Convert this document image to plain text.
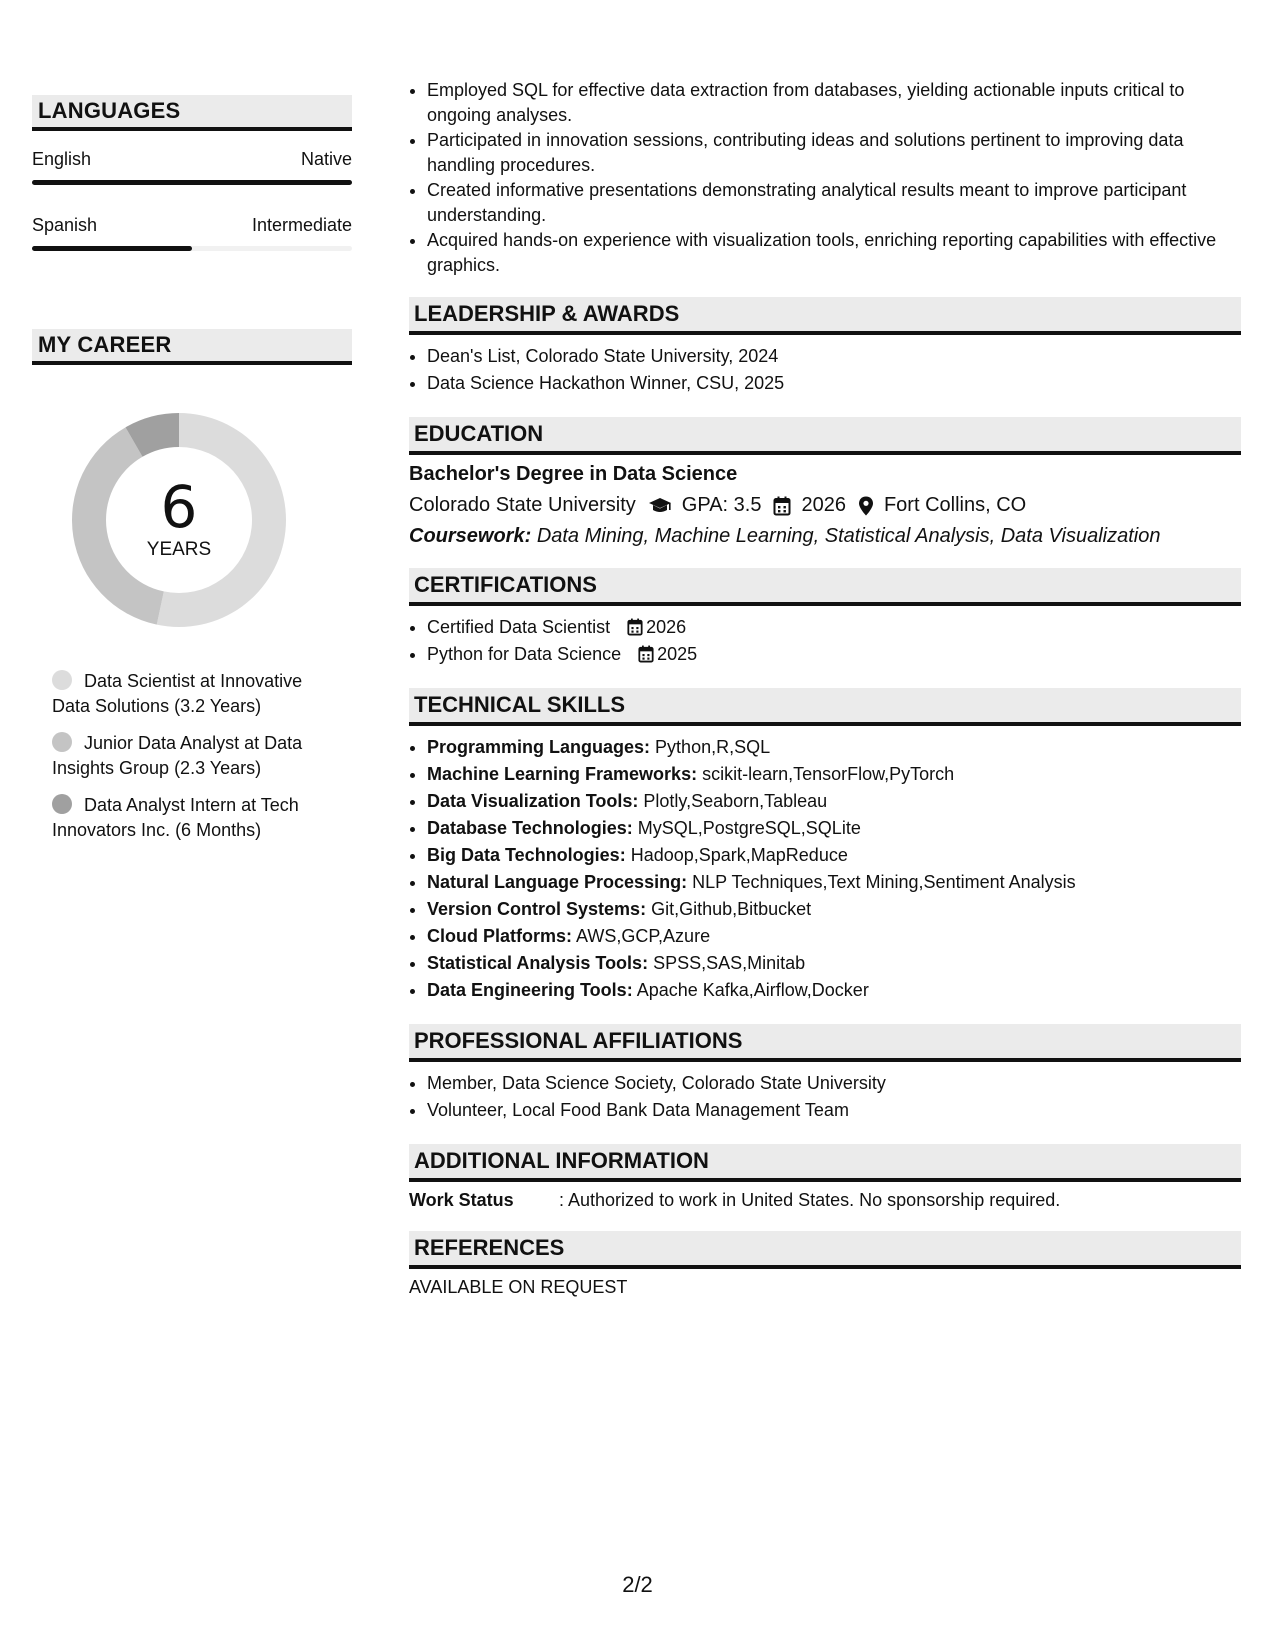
LANGUAGES
English	Native
Spanish	Intermediate
MY CAREER
6
YEARS
Data Scientist at Innovative Data Solutions (3.2 Years)
Junior Data Analyst at Data Insights Group (2.3 Years)
Data Analyst Intern at Tech Innovators Inc. (6 Months)
• Employed SQL for effective data extraction from databases, yielding actionable inputs critical to ongoing analyses.
• Participated in innovation sessions, contributing ideas and solutions pertinent to improving data handling procedures.
• Created informative presentations demonstrating analytical results meant to improve participant understanding.
• Acquired hands-on experience with visualization tools, enriching reporting capabilities with effective graphics.
LEADERSHIP & AWARDS
• Dean's List, Colorado State University, 2024
• Data Science Hackathon Winner, CSU, 2025
EDUCATION
Bachelor's Degree in Data Science
Colorado State University GPA: 3.5 2026 Fort Collins, CO
Coursework: Data Mining, Machine Learning, Statistical Analysis, Data Visualization
CERTIFICATIONS
• Certified Data Scientist 2026
• Python for Data Science 2025
TECHNICAL SKILLS
• Programming Languages: Python,R,SQL
• Machine Learning Frameworks: scikit-learn,TensorFlow,PyTorch
• Data Visualization Tools: Plotly,Seaborn,Tableau
• Database Technologies: MySQL,PostgreSQL,SQLite
• Big Data Technologies: Hadoop,Spark,MapReduce
• Natural Language Processing: NLP Techniques,Text Mining,Sentiment Analysis
• Version Control Systems: Git,Github,Bitbucket
• Cloud Platforms: AWS,GCP,Azure
• Statistical Analysis Tools: SPSS,SAS,Minitab
• Data Engineering Tools: Apache Kafka,Airflow,Docker
PROFESSIONAL AFFILIATIONS
• Member, Data Science Society, Colorado State University
• Volunteer, Local Food Bank Data Management Team
ADDITIONAL INFORMATION
Work Status	: Authorized to work in United States. No sponsorship required.
REFERENCES
AVAILABLE ON REQUEST
2/2
